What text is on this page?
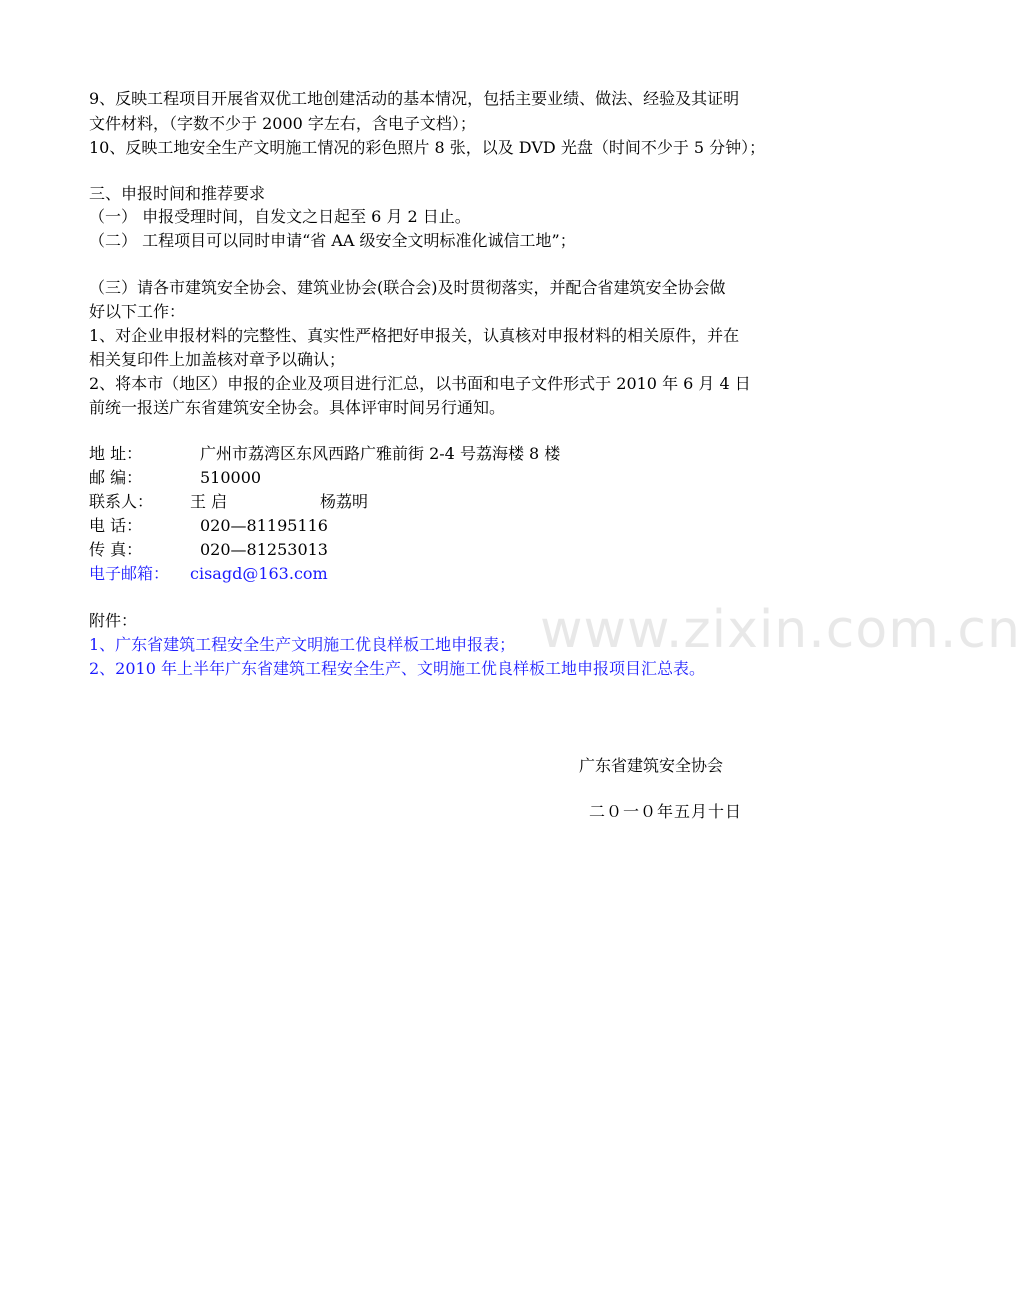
9、反映工程项目开展省双优工地创建活动的基本情况，包括主要业绩、做法、经验及其证明
文件材料，（字数不少于 2000 字左右，含电子文档）；
10、反映工地安全生产文明施工情况的彩色照片 8 张，以及 DVD 光盘（时间不少于 5 分钟）；
三、申报时间和推荐要求
（一） 申报受理时间，自发文之日起至 6 月 2 日止。
（二） 工程项目可以同时申请“省 AA 级安全文明标准化诚信工地”；
（三）请各市建筑安全协会、建筑业协会(联合会)及时贯彻落实，并配合省建筑安全协会做
好以下工作：
1、对企业申报材料的完整性、真实性严格把好申报关，认真核对申报材料的相关原件，并在
相关复印件上加盖核对章予以确认；
2、将本市（地区）申报的企业及项目进行汇总，以书面和电子文件形式于 2010 年 6 月 4 日
前统一报送广东省建筑安全协会。具体评审时间另行通知。
地 址：	广州市荔湾区东风西路广雅前街 2-4 号荔海楼 8 楼
邮 编：	510000
联系人： 王 启	杨荔明
电 话：	020—81195116
传 真：	020—81253013
电子邮箱： cisagd@163.com
www.zixin.com.cn
附件：
1、广东省建筑工程安全生产文明施工优良样板工地申报表；
2、2010 年上半年广东省建筑工程安全生产、文明施工优良样板工地申报项目汇总表。
广东省建筑安全协会
二０一０年五月十日
